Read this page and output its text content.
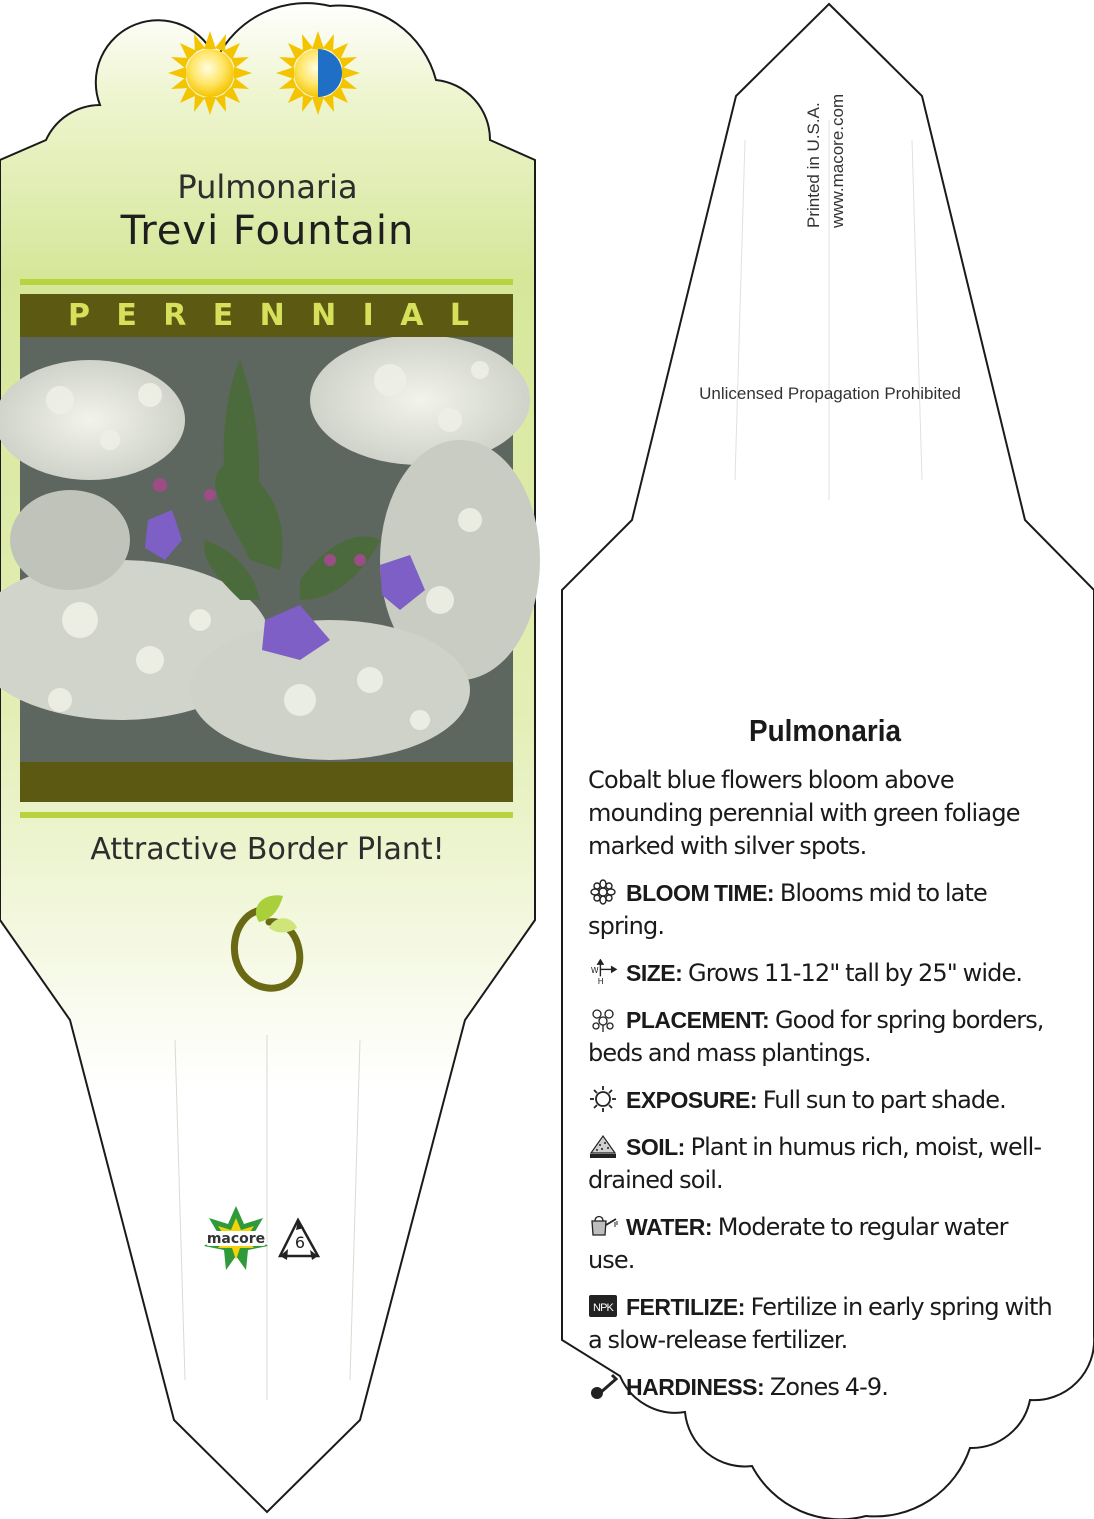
macore
Pulmonaria
Trevi Fountain
P E R E N N I A L
Attractive Border Plant!
6
Printed in U.S.A. www.macore.com
Unlicensed Propagation Prohibited
Pulmonaria

Cobalt blue flowers bloom above mounding perennial with green foliage marked with silver spots.

BLOOM TIME: Blooms mid to late spring.

W
H SIZE: Grows 11-12" tall by 25" wide.

PLACEMENT: Good for spring borders, beds and mass plantings.

EXPOSURE: Full sun to part shade.

SOIL: Plant in humus rich, moist, well-drained soil.

WATER: Moderate to regular water use.

NPK FERTILIZE: Fertilize in early spring with a slow-release fertilizer.

HARDINESS: Zones 4-9.
